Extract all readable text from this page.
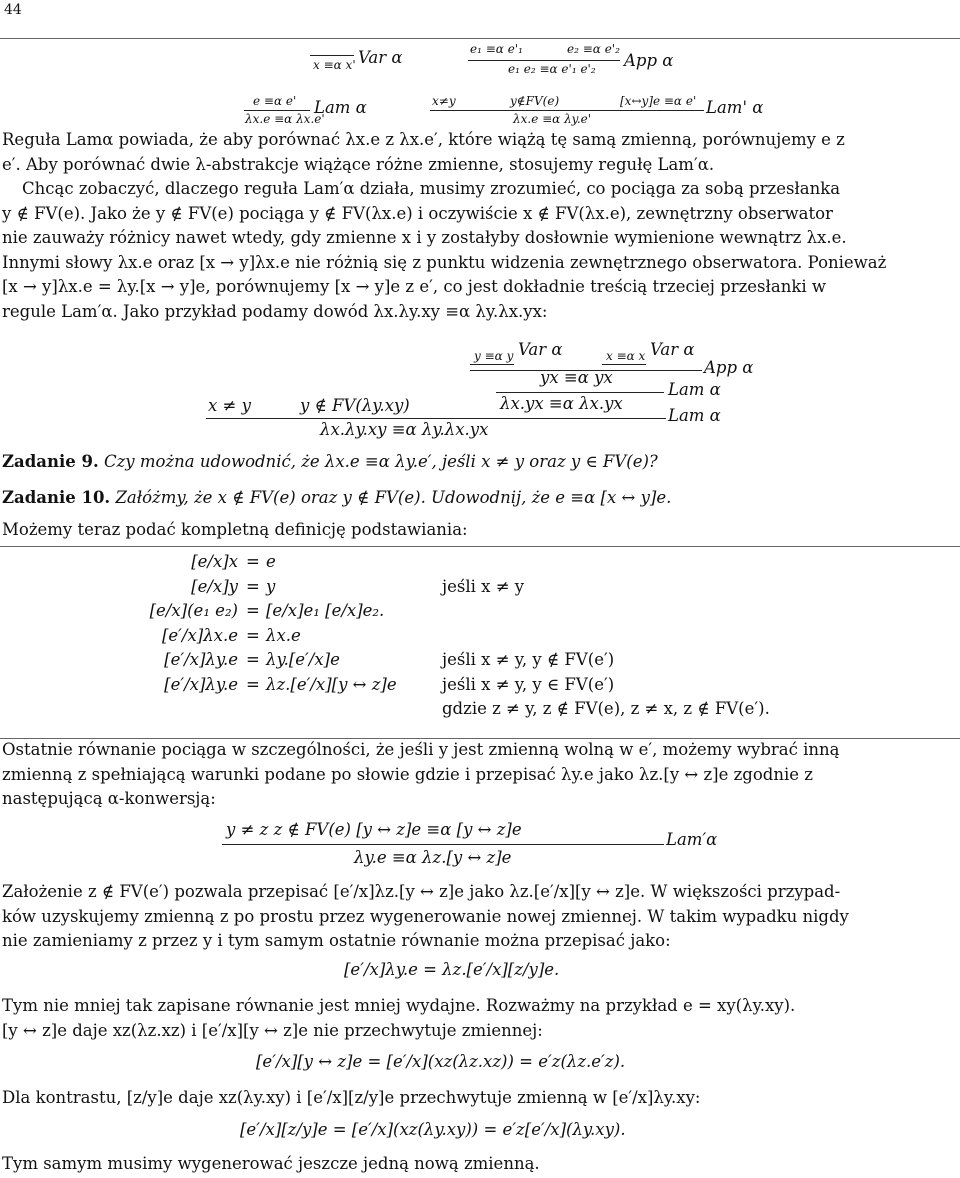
44
x ≡α x' Var α	e₁ ≡α e'₁	e₂ ≡α e'₂
e₁ e₂ ≡α e'₁ e'₂ App α
e ≡α e'
λx.e ≡α λx.e'
Lam α	x≠y	y∉FV(e)	[x↔y]e ≡α e'
λx.e ≡α λy.e'
Lam' α
Reguła Lamα powiada, że aby porównać λx.e z λx.e′, które wiążą tę samą zmienną, porównujemy e z
e′. Aby porównać dwie λ-abstrakcje wiążące różne zmienne, stosujemy regułę Lam′α.
Chcąc zobaczyć, dlaczego reguła Lam′α działa, musimy zrozumieć, co pociąga za sobą przesłanka
y ∉ FV(e). Jako że y ∉ FV(e) pociąga y ∉ FV(λx.e) i oczywiście x ∉ FV(λx.e), zewnętrzny obserwator
nie zauważy różnicy nawet wtedy, gdy zmienne x i y zostałyby dosłownie wymienione wewnątrz λx.e.
Innymi słowy λx.e oraz [x → y]λx.e nie różnią się z punktu widzenia zewnętrznego obserwatora. Ponieważ
[x → y]λx.e = λy.[x → y]e, porównujemy [x → y]e z e′, co jest dokładnie treścią trzeciej przesłanki w
regule Lam′α. Jako przykład podamy dowód λx.λy.xy ≡α λy.λx.yx:
y ≡α y Var α	x ≡α x Var α
yx ≡α yx
App α
λx.yx ≡α λx.yx
Lam α
x ≠ y	y ∉ FV(λy.xy)
λx.λy.xy ≡α λy.λx.yx
Lam α
Zadanie 9. Czy można udowodnić, że λx.e ≡α λy.e′, jeśli x ≠ y oraz y ∈ FV(e)?
Zadanie 10. Załóżmy, że x ∉ FV(e) oraz y ∉ FV(e). Udowodnij, że e ≡α [x ↔ y]e.
Możemy teraz podać kompletną definicję podstawiania:
[e/x]x = e
[e/x]y = y	jeśli x ≠ y
[e/x](e₁ e₂) = [e/x]e₁ [e/x]e₂.
[e′/x]λx.e = λx.e
[e′/x]λy.e = λy.[e′/x]e	jeśli x ≠ y, y ∉ FV(e′)
[e′/x]λy.e = λz.[e′/x][y ↔ z]e	jeśli x ≠ y, y ∈ FV(e′)
gdzie z ≠ y, z ∉ FV(e), z ≠ x, z ∉ FV(e′).
Ostatnie równanie pociąga w szczególności, że jeśli y jest zmienną wolną w e′, możemy wybrać inną
zmienną z spełniającą warunki podane po słowie gdzie i przepisać λy.e jako λz.[y ↔ z]e zgodnie z
następującą α-konwersją:
y ≠ z z ∉ FV(e) [y ↔ z]e ≡α [y ↔ z]e
λy.e ≡α λz.[y ↔ z]e
Lam′α
Założenie z ∉ FV(e′) pozwala przepisać [e′/x]λz.[y ↔ z]e jako λz.[e′/x][y ↔ z]e. W większości przypad-
ków uzyskujemy zmienną z po prostu przez wygenerowanie nowej zmiennej. W takim wypadku nigdy
nie zamieniamy z przez y i tym samym ostatnie równanie można przepisać jako:
[e′/x]λy.e = λz.[e′/x][z/y]e.
Tym nie mniej tak zapisane równanie jest mniej wydajne. Rozważmy na przykład e = xy(λy.xy).
[y ↔ z]e daje xz(λz.xz) i [e′/x][y ↔ z]e nie przechwytuje zmiennej:
[e′/x][y ↔ z]e = [e′/x](xz(λz.xz)) = e′z(λz.e′z).
Dla kontrastu, [z/y]e daje xz(λy.xy) i [e′/x][z/y]e przechwytuje zmienną w [e′/x]λy.xy:
[e′/x][z/y]e = [e′/x](xz(λy.xy)) = e′z[e′/x](λy.xy).
Tym samym musimy wygenerować jeszcze jedną nową zmienną.
